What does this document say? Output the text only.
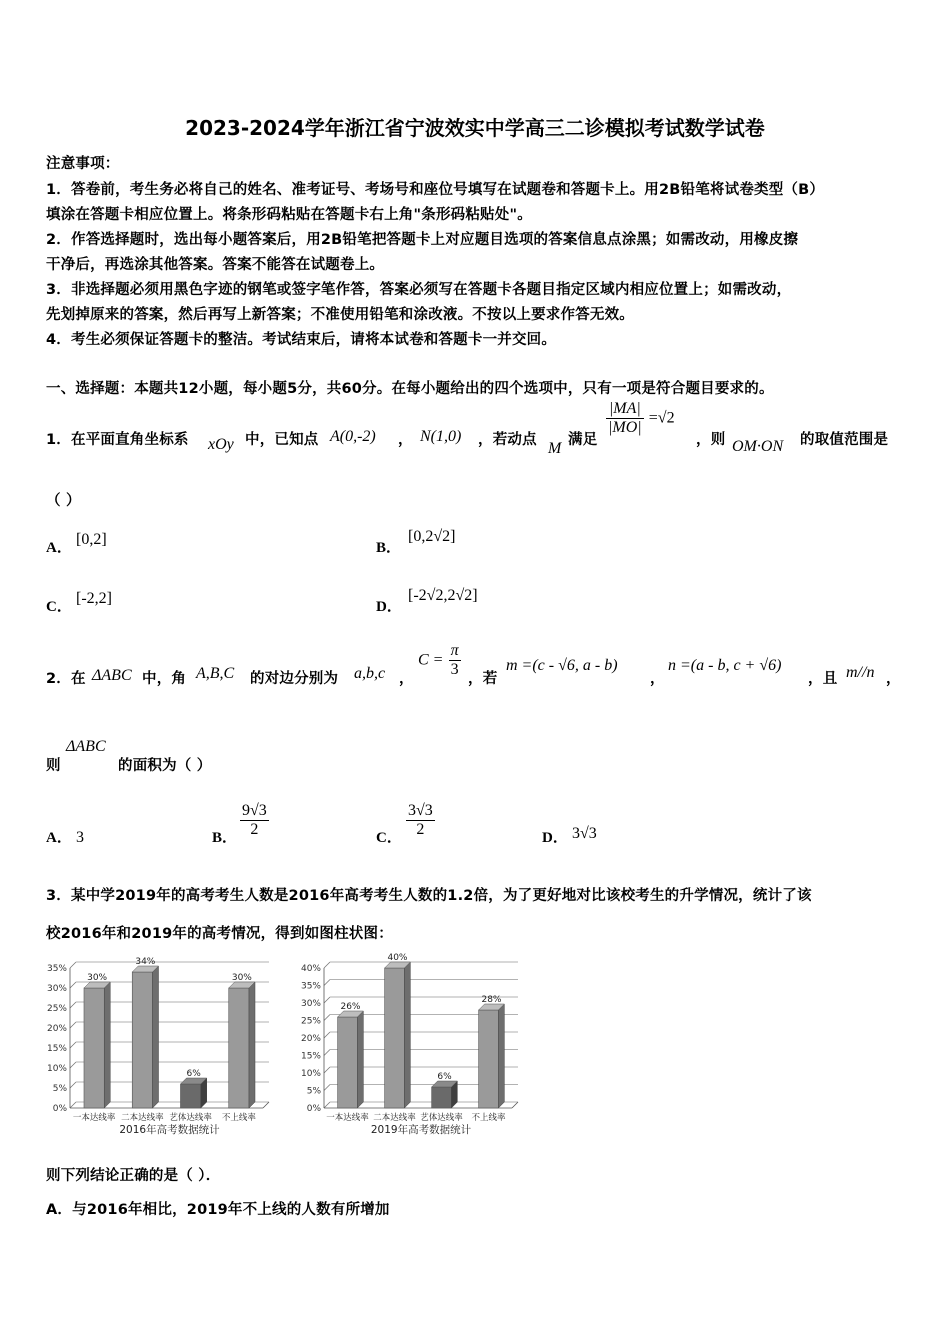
2023-2024学年浙江省宁波效实中学高三二诊模拟考试数学试卷
注意事项：
1．答卷前，考生务必将自己的姓名、准考证号、考场号和座位号填写在试题卷和答题卡上。用2B铅笔将试卷类型（B）
填涂在答题卡相应位置上。将条形码粘贴在答题卡右上角"条形码粘贴处"。
2．作答选择题时，选出每小题答案后，用2B铅笔把答题卡上对应题目选项的答案信息点涂黑；如需改动，用橡皮擦
干净后，再选涂其他答案。答案不能答在试题卷上。
3．非选择题必须用黑色字迹的钢笔或签字笔作答，答案必须写在答题卡各题目指定区域内相应位置上；如需改动，
先划掉原来的答案，然后再写上新答案；不准使用铅笔和涂改液。不按以上要求作答无效。
4．考生必须保证答题卡的整洁。考试结束后，请将本试卷和答题卡一并交回。
一、选择题：本题共12小题，每小题5分，共60分。在每小题给出的四个选项中，只有一项是符合题目要求的。
1．在平面直角坐标系 xOy 中，已知点 A(0,-2) ， N(1,0) ，若动点 M 满足
$\frac{|MA|}{|MO|} =√2$
，则 OM·ON 的取值范围是
（ ）
A． [0,2]	B．
[0,2√2]
C． [-2,2]	D．
[-2√2,2√2]
2．在 ΔABC 中，角 A,B,C 的对边分别为 a,b,c ，
$C = \frac{\pi}{3}$ ，若
m =(c - √6, a - b)
，
n =(a - b, c + √6)
，且 m//n ，
则
ΔABC
的面积为（ ）
A． 3	B． $\frac{9√3}{2}$	C． $\frac{3√3}{2}$	D． 3√3
3．某中学2019年的高考考生人数是2016年高考考生人数的1.2倍，为了更好地对比该校考生的升学情况，统计了该
校2016年和2019年的高考情况，得到如图柱状图：
0%
5%
10%
15%
20%
25%
30%
35%
30%
一本达线率
34%
二本达线率
6%
艺体达线率
30%
不上线率
2016年高考数据统计
0%
5%
10%
15%
20%
25%
30%
35%
40%
26%
一本达线率
40%
二本达线率
6%
艺体达线率
28%
不上线率
2019年高考数据统计
则下列结论正确的是（ ）．
A．与2016年相比，2019年不上线的人数有所增加
